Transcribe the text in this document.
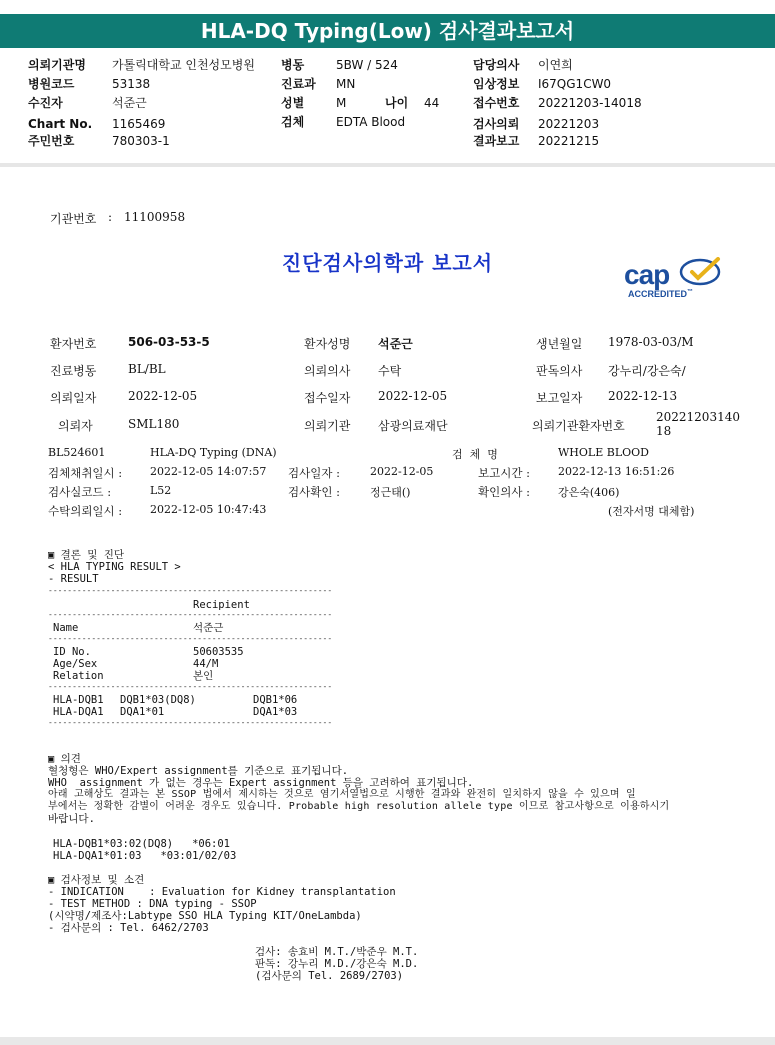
HLA-DQ Typing(Low) 검사결과보고서
의뢰기관명 가톨릭대학교 인천성모병원
병원코드	53138
수진자	석준근
Chart No. 1165469
주민번호	780303-1
병동	5BW / 524
진료과 MN
성별	M	나이 44
검체	EDTA Blood
담당의사 이연희
임상정보 I67QG1CW0
접수번호 20221203-14018
검사의뢰 20221203
결과보고 20221215
기관번호 : 11100958
진단검사의학과 보고서	cap
ACCREDITED™
환자번호	506-03-53-5	환자성명 석준근	생년월일 1978-03-03/M
진료병동	BL/BL	의뢰의사 수탁	판독의사 강누리/강은숙/
의뢰일자	2022-12-05	접수일자 2022-12-05	보고일자 2022-12-13
의뢰자	SML180	의뢰기관 삼광의료재단	의뢰기관환자번호
2022120314018
BL524601	HLA-DQ Typing (DNA)	검  체  명	WHOLE BLOOD
검체채취일시 :	2022-12-05 14:07:57 검사일자 :	2022-12-05	보고시간 :	2022-12-13 16:51:26
검사실코드 :	L52	검사확인 :	정근태()	확인의사 :	강은숙(406)
수탁의뢰일시 :	2022-12-05 10:47:43	(전자서명 대체함)
▣ 결론 및 진단
< HLA TYPING RESULT >
- RESULT
-----------------------------------------------------------
Recipient
-----------------------------------------------------------
Name	석준근
-----------------------------------------------------------
ID No.	50603535
Age/Sex	44/M
Relation	본인
-----------------------------------------------------------
HLA-DQB1 DQB1*03(DQ8)	DQB1*06
HLA-DQA1 DQA1*01	DQA1*03
-----------------------------------------------------------
▣ 의견
혈청형은 WHO/Expert assignment를 기준으로 표기됩니다.
WHO  assignment 가 없는 경우는 Expert assignment 등을 고려하여 표기됩니다.
아래 고해상도 결과는 본 SSOP 법에서 제시하는 것으로 염기서열법으로 시행한 결과와 완전히 일치하지 않을 수 있으며 일
부에서는 정확한 감별이 어려운 경우도 있습니다. Probable high resolution allele type 이므로 참고사항으로 이용하시기
바랍니다.
HLA-DQB1*03:02(DQ8)   *06:01
HLA-DQA1*01:03   *03:01/02/03
▣ 검사정보 및 소견
- INDICATION    : Evaluation for Kidney transplantation
- TEST METHOD : DNA typing - SSOP
(시약명/제조사:Labtype SSO HLA Typing KIT/OneLambda)
- 검사문의 : Tel. 6462/2703
검사: 송효비 M.T./박준우 M.T.
판독: 강누리 M.D./강은숙 M.D.
(검사문의 Tel. 2689/2703)
